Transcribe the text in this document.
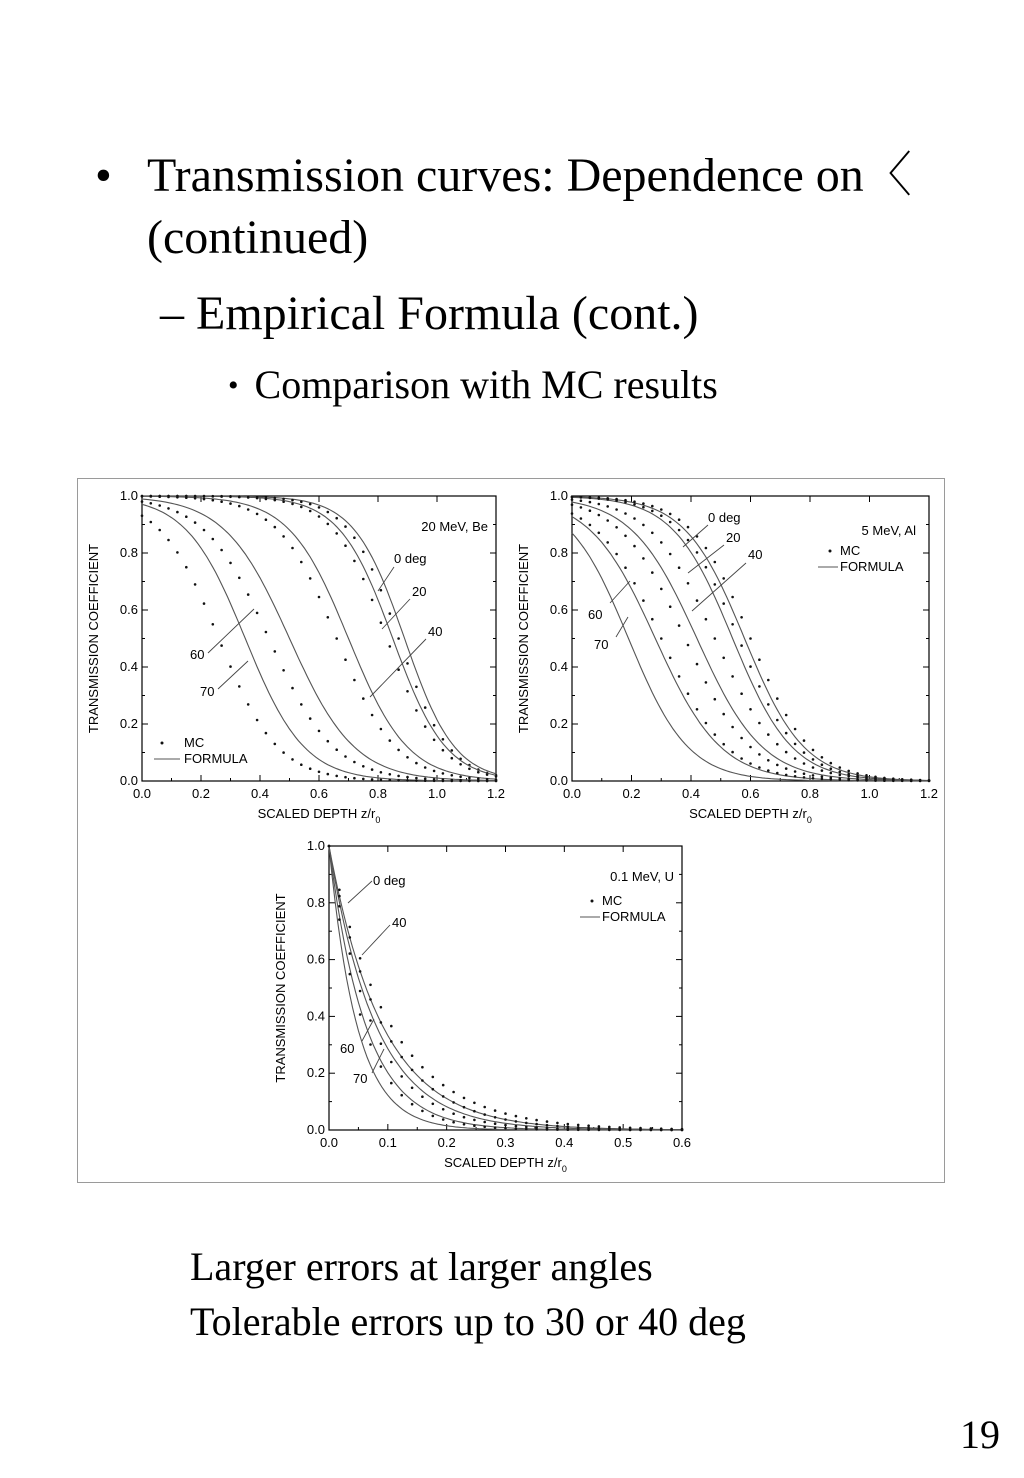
• Transmission curves: Dependence on〈 (continued)
– Empirical Formula (cont.)
• Comparison with MC results
0.0	0.2	0.4	0.6	0.8	1.0	1.2
0.0
0.2
0.4
0.6
0.8
1.0
SCALED DEPTH $z/r_0$
TRANSMISSION COEFFICIENT	0 deg
20
40
60
70
20 MeV, Be
MC
FORMULA
0.0	0.2	0.4	0.6	0.8	1.0	1.2
0.0
0.2
0.4
0.6
0.8
1.0
SCALED DEPTH $z/r_0$
TRANSMISSION COEFFICIENT
0 deg
20
40
60
70
5 MeV, Al
MC
FORMULA
0.0	0.1	0.2	0.3	0.4	0.5	0.6
0.0
0.2
0.4
0.6
0.8
1.0
SCALED DEPTH $z/r_0$
TRANSMISSION COEFFICIENT
0 deg
40
60
70
0.1 MeV, U
MC
FORMULA
Larger errors at larger angles
Tolerable errors up to 30 or 40 deg
19
